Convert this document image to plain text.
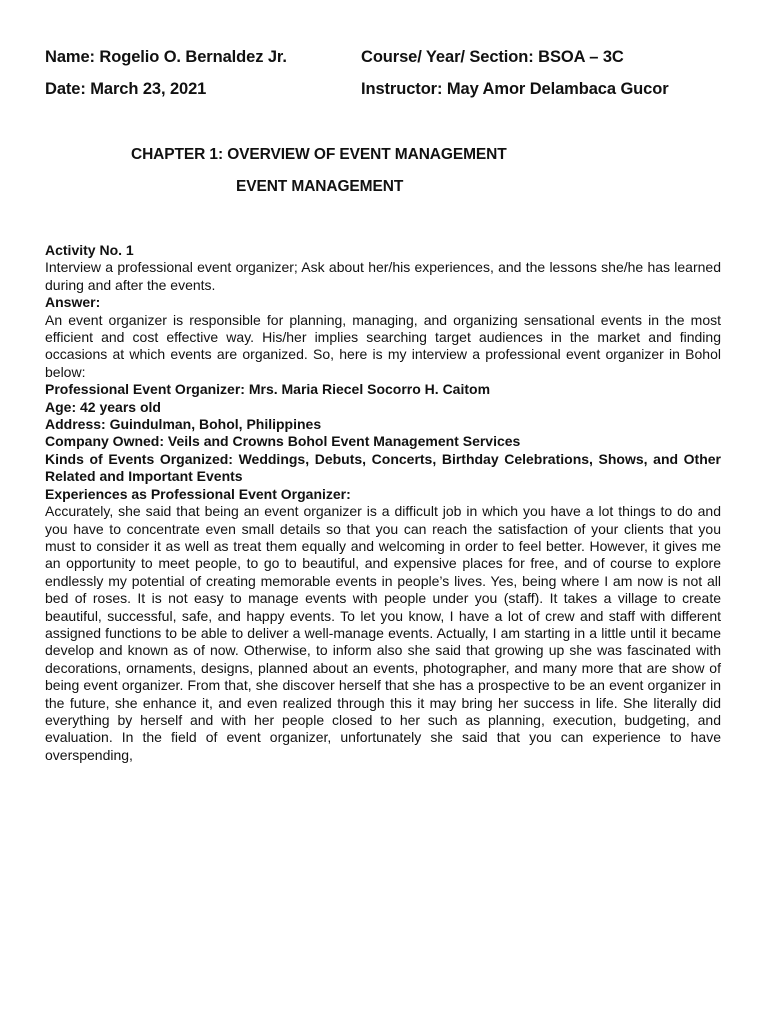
Name: Rogelio O. Bernaldez Jr.	Course/ Year/ Section: BSOA – 3C
Date: March 23, 2021	Instructor: May Amor Delambaca Gucor
CHAPTER 1: OVERVIEW OF EVENT MANAGEMENT
EVENT MANAGEMENT

Activity No. 1

Interview a professional event organizer; Ask about her/his experiences, and the lessons she/he has learned during and after the events.

Answer:

An event organizer is responsible for planning, managing, and organizing sensational events in the most efficient and cost effective way. His/her implies searching target audiences in the market and finding occasions at which events are organized. So, here is my interview a professional event organizer in Bohol below:

Professional Event Organizer: Mrs. Maria Riecel Socorro H. Caitom

Age: 42 years old

Address: Guindulman, Bohol, Philippines

Company Owned: Veils and Crowns Bohol Event Management Services

Kinds of Events Organized: Weddings, Debuts, Concerts, Birthday Celebrations, Shows, and Other Related and Important Events

Experiences as Professional Event Organizer:

Accurately, she said that being an event organizer is a difficult job in which you have a lot things to do and you have to concentrate even small details so that you can reach the satisfaction of your clients that you must to consider it as well as treat them equally and welcoming in order to feel better. However, it gives me an opportunity to meet people, to go to beautiful, and expensive places for free, and of course to explore endlessly my potential of creating memorable events in people’s lives. Yes, being where I am now is not all bed of roses. It is not easy to manage events with people under you (staff). It takes a village to create beautiful, successful, safe, and happy events. To let you know, I have a lot of crew and staff with different assigned functions to be able to deliver a well-manage events. Actually, I am starting in a little until it became develop and known as of now. Otherwise, to inform also she said that growing up she was fascinated with decorations, ornaments, designs, planned about an events, photographer, and many more that are show of being event organizer. From that, she discover herself that she has a prospective to be an event organizer in the future, she enhance it, and even realized through this it may bring her success in life. She literally did everything by herself and with her people closed to her such as planning, execution, budgeting, and evaluation. In the field of event organizer, unfortunately she said that you can experience to have overspending,
